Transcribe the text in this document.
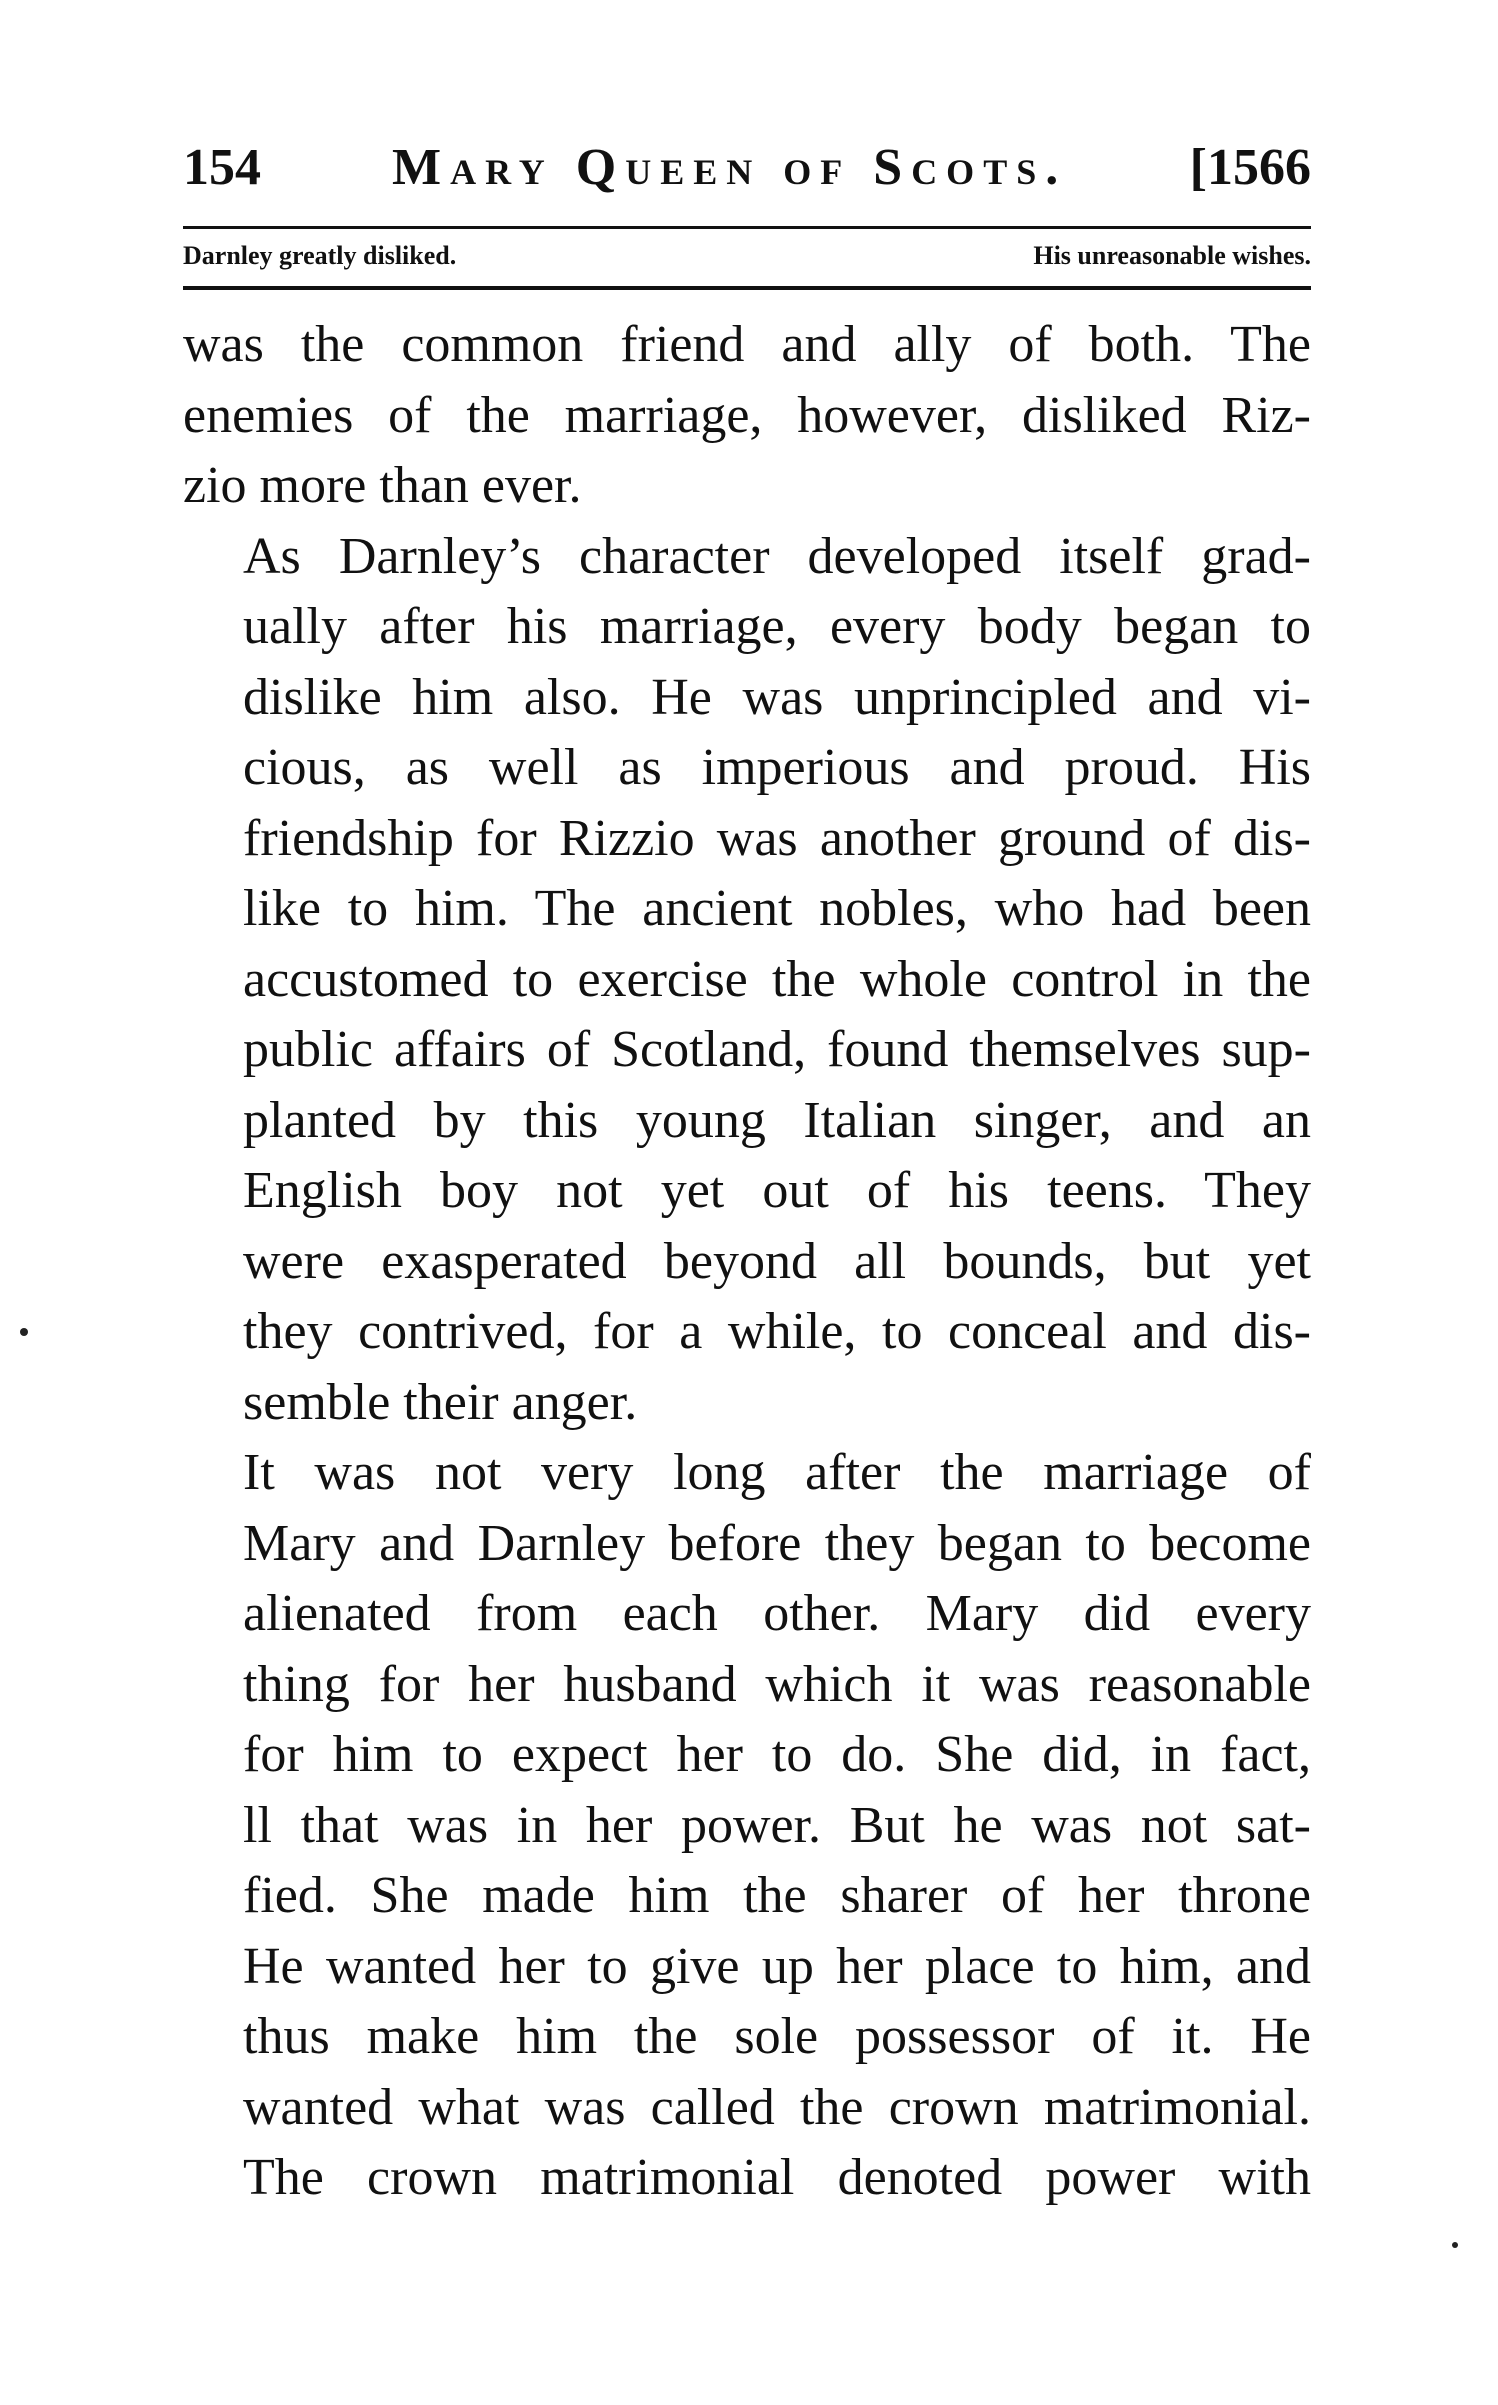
154	Mary Queen of Scots. [1566
Darnley greatly disliked.	His unreasonable wishes.

was the common friend and ally of both. The
enemies of the marriage, however, disliked Riz-
zio more than ever.

As Darnley’s character developed itself grad-
ually after his marriage, every body began to
dislike him also. He was unprincipled and vi-
cious, as well as imperious and proud. His
friendship for Rizzio was another ground of dis-
like to him. The ancient nobles, who had been
accustomed to exercise the whole control in the
public affairs of Scotland, found themselves sup-
planted by this young Italian singer, and an
English boy not yet out of his teens. They
were exasperated beyond all bounds, but yet
they contrived, for a while, to conceal and dis-
semble their anger.

It was not very long after the marriage of
Mary and Darnley before they began to become
alienated from each other. Mary did every
thing for her husband which it was reasonable
for him to expect her to do. She did, in fact,
ll that was in her power. But he was not sat-
fied. She made him the sharer of her throne
He wanted her to give up her place to him, and
thus make him the sole possessor of it. He
wanted what was called the crown matrimonial.
The crown matrimonial denoted power with
